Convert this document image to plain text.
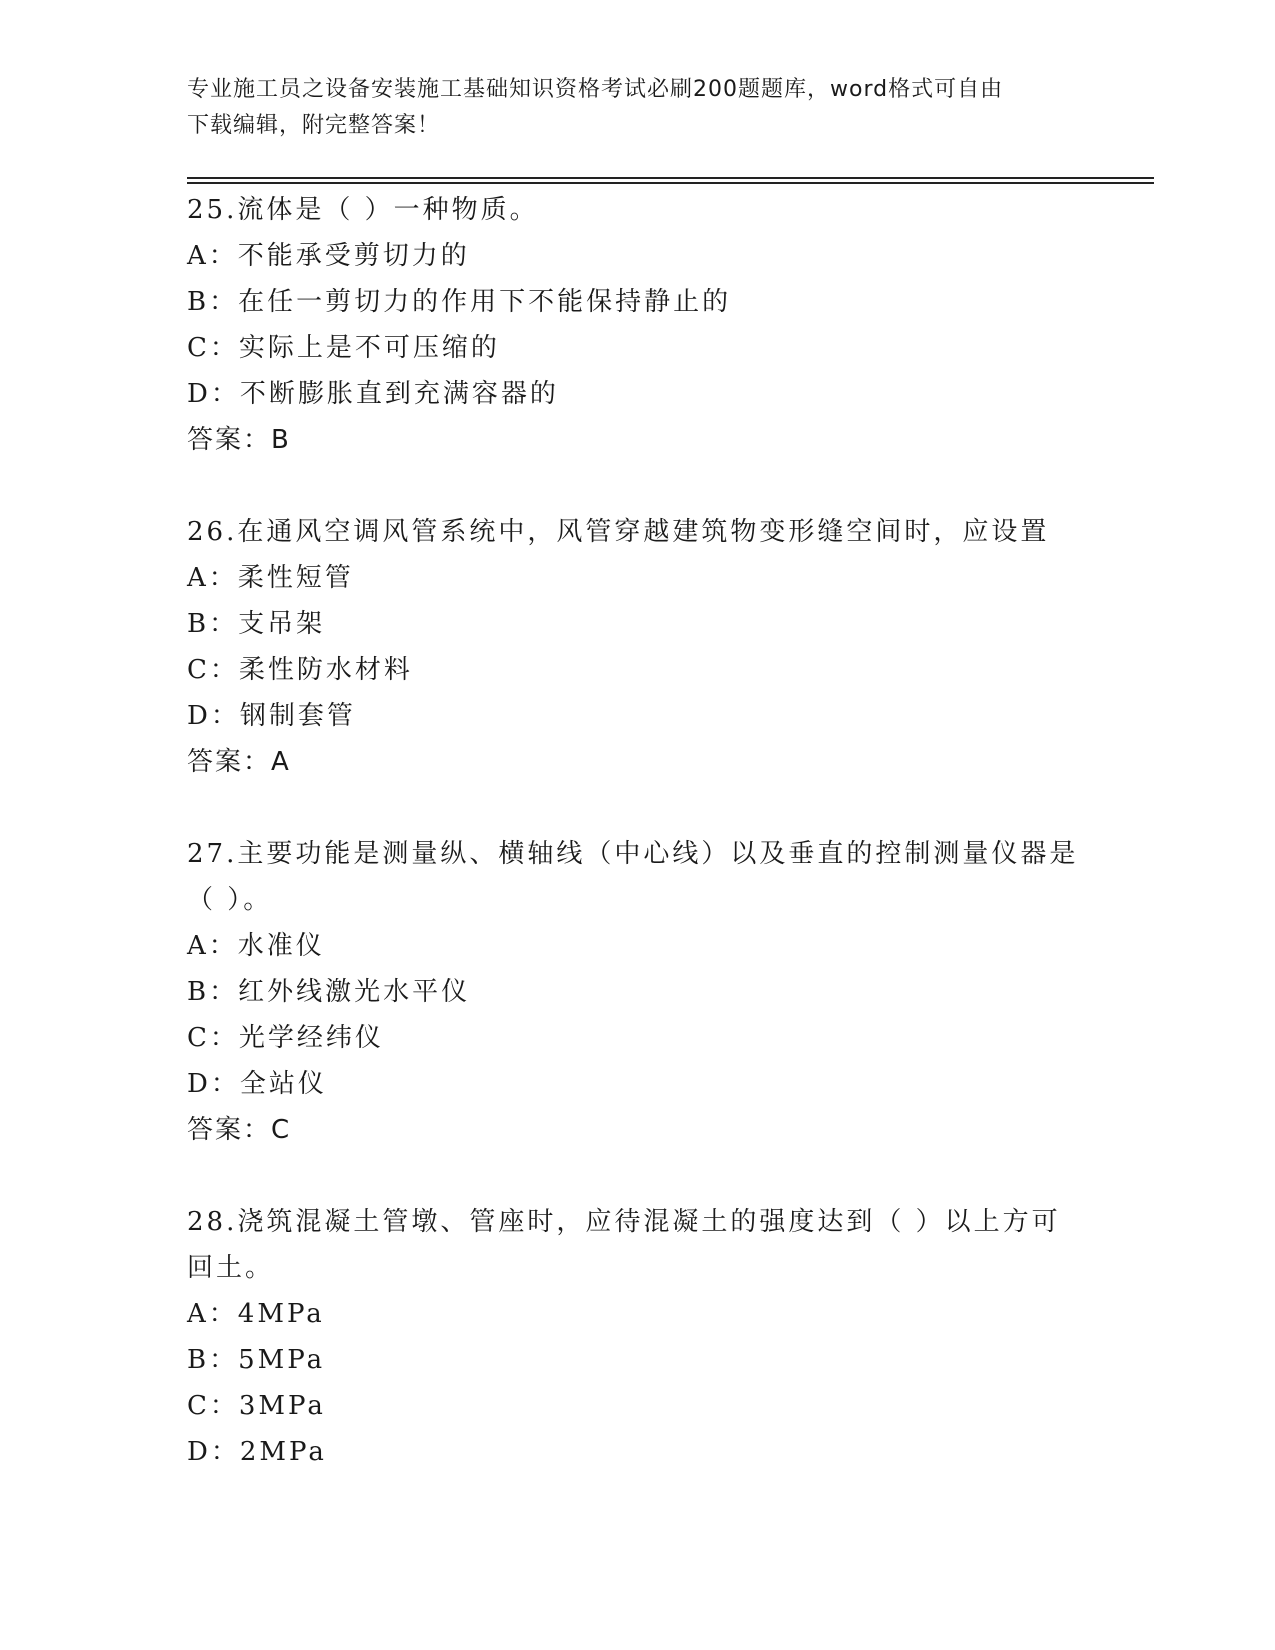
专业施工员之设备安装施工基础知识资格考试必刷200题题库，word格式可自由
下载编辑，附完整答案！
25.流体是（ ）一种物质。
A：不能承受剪切力的
B：在任一剪切力的作用下不能保持静止的
C：实际上是不可压缩的
D：不断膨胀直到充满容器的
答案：B
26.在通风空调风管系统中，风管穿越建筑物变形缝空间时，应设置
A：柔性短管
B：支吊架
C：柔性防水材料
D：钢制套管
答案：A
27.主要功能是测量纵、横轴线（中心线）以及垂直的控制测量仪器是（ ）。
A：水准仪
B：红外线激光水平仪
C：光学经纬仪
D：全站仪
答案：C
28.浇筑混凝土管墩、管座时，应待混凝土的强度达到（ ）以上方可回土。
A：4MPa
B：5MPa
C：3MPa
D：2MPa
